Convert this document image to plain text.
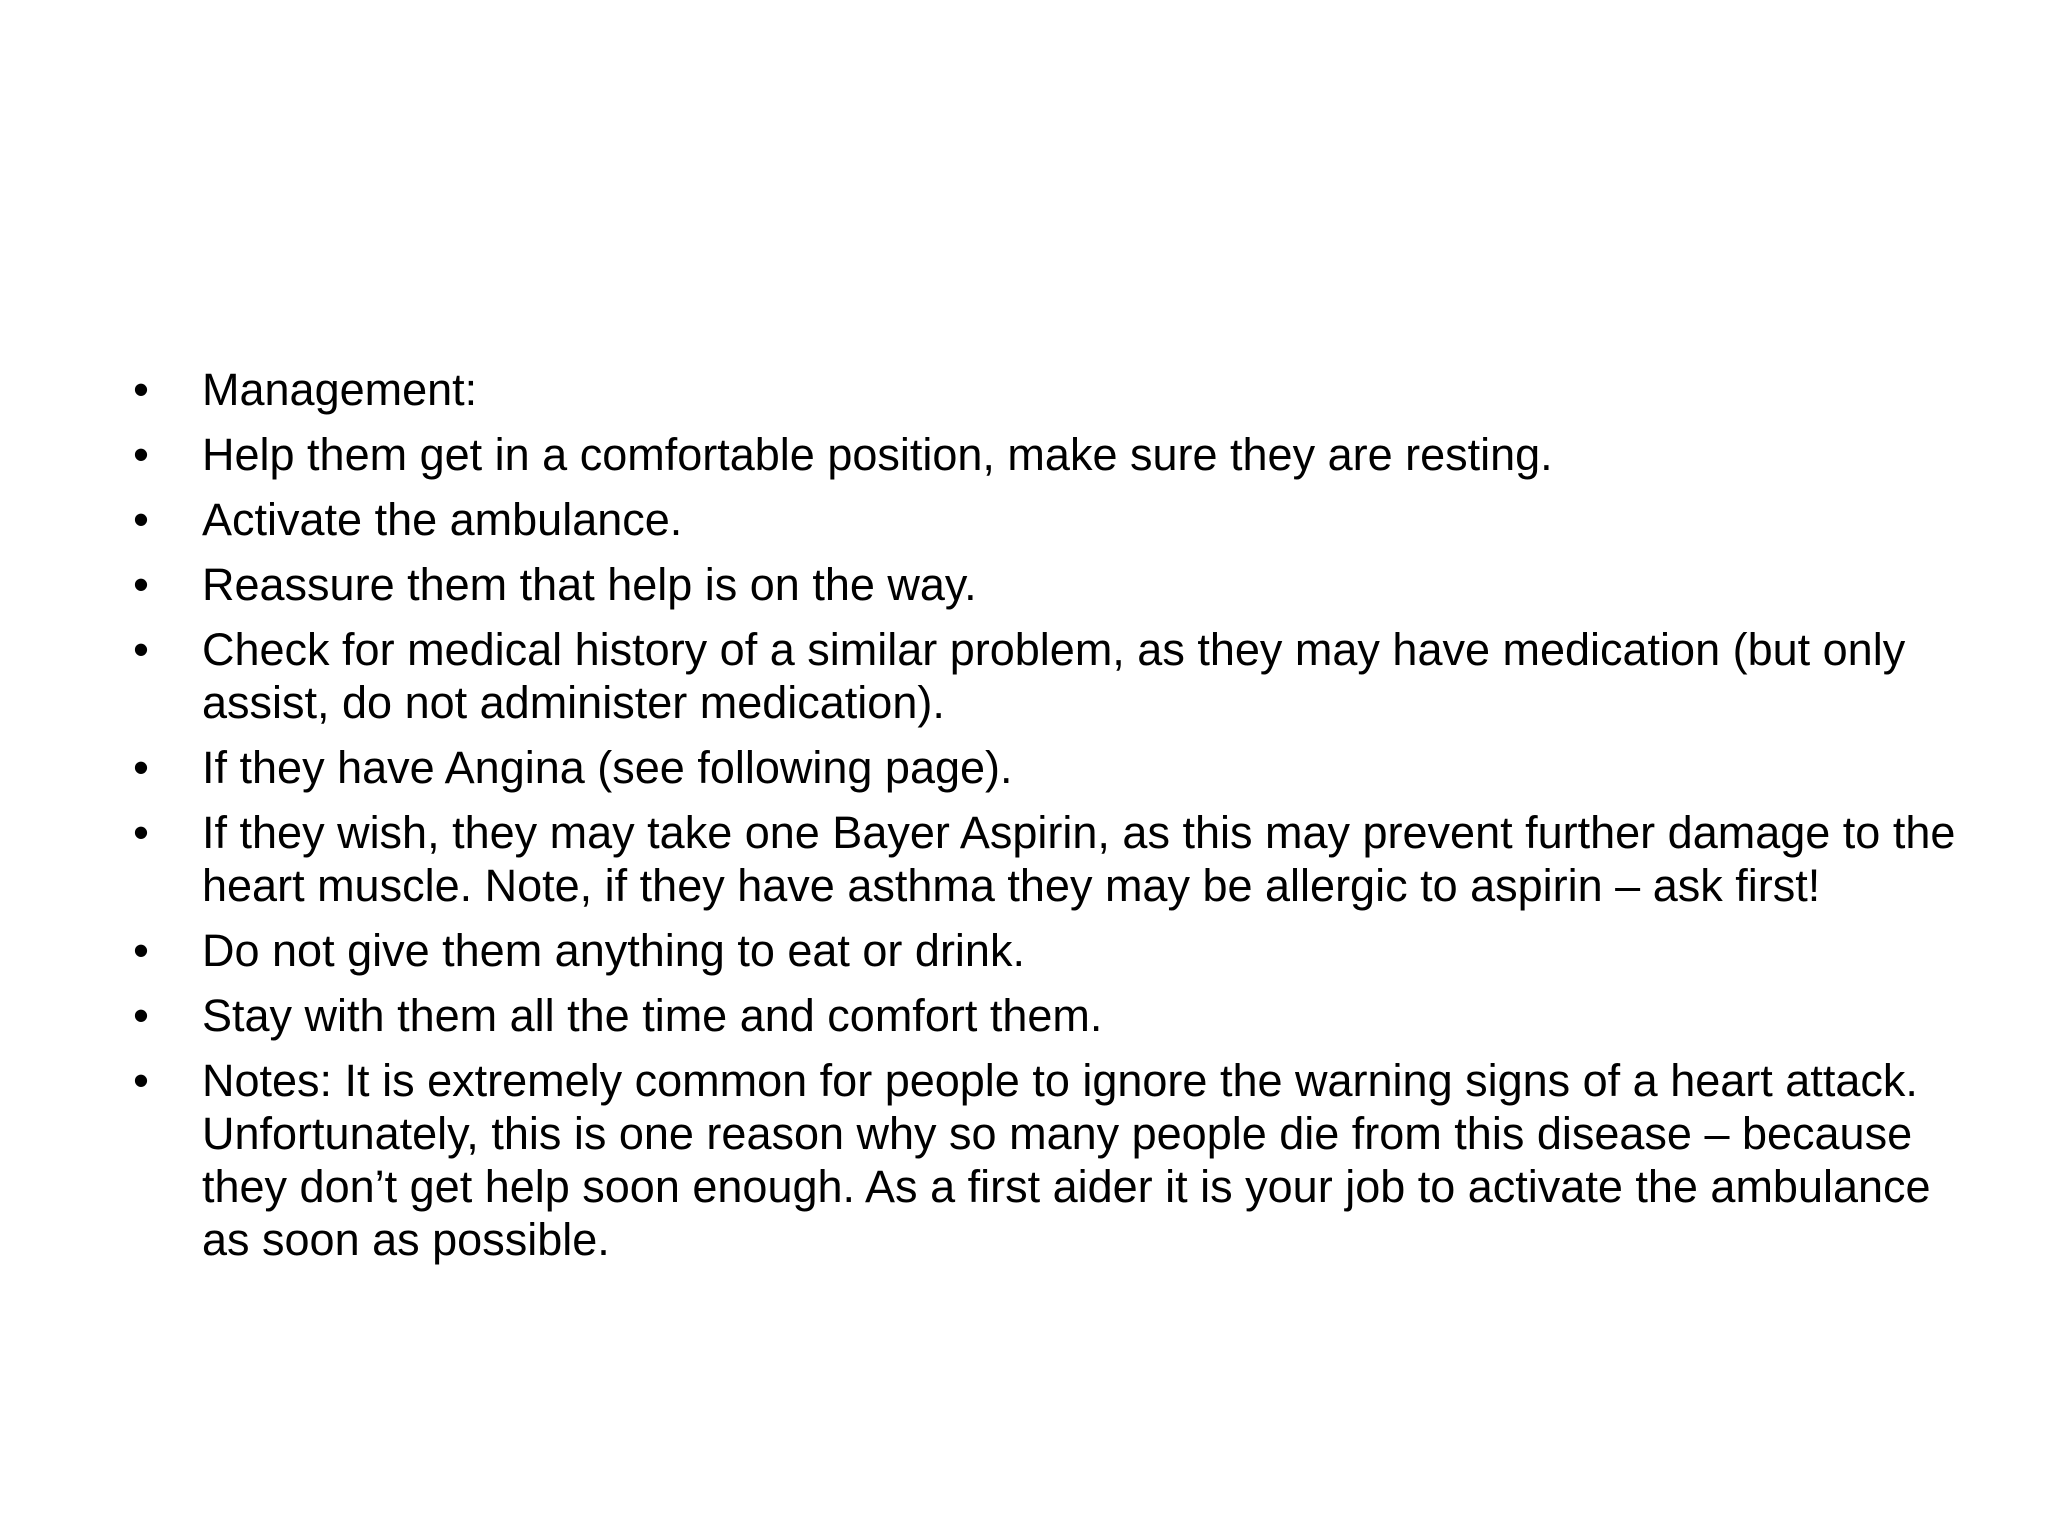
• Management:
• Help them get in a comfortable position, make sure they are resting.
• Activate the ambulance.
• Reassure them that help is on the way.
• Check for medical history of a similar problem, as they may have medication (but only assist, do not administer medication).
• If they have Angina (see following page).
• If they wish, they may take one Bayer Aspirin, as this may prevent further damage to the heart muscle. Note, if they have asthma they may be allergic to aspirin – ask first!
• Do not give them anything to eat or drink.
• Stay with them all the time and comfort them.
• Notes: It is extremely common for people to ignore the warning signs of a heart attack. Unfortunately, this is one reason why so many people die from this disease – because they don’t get help soon enough. As a first aider it is your job to activate the ambulance as soon as possible.
